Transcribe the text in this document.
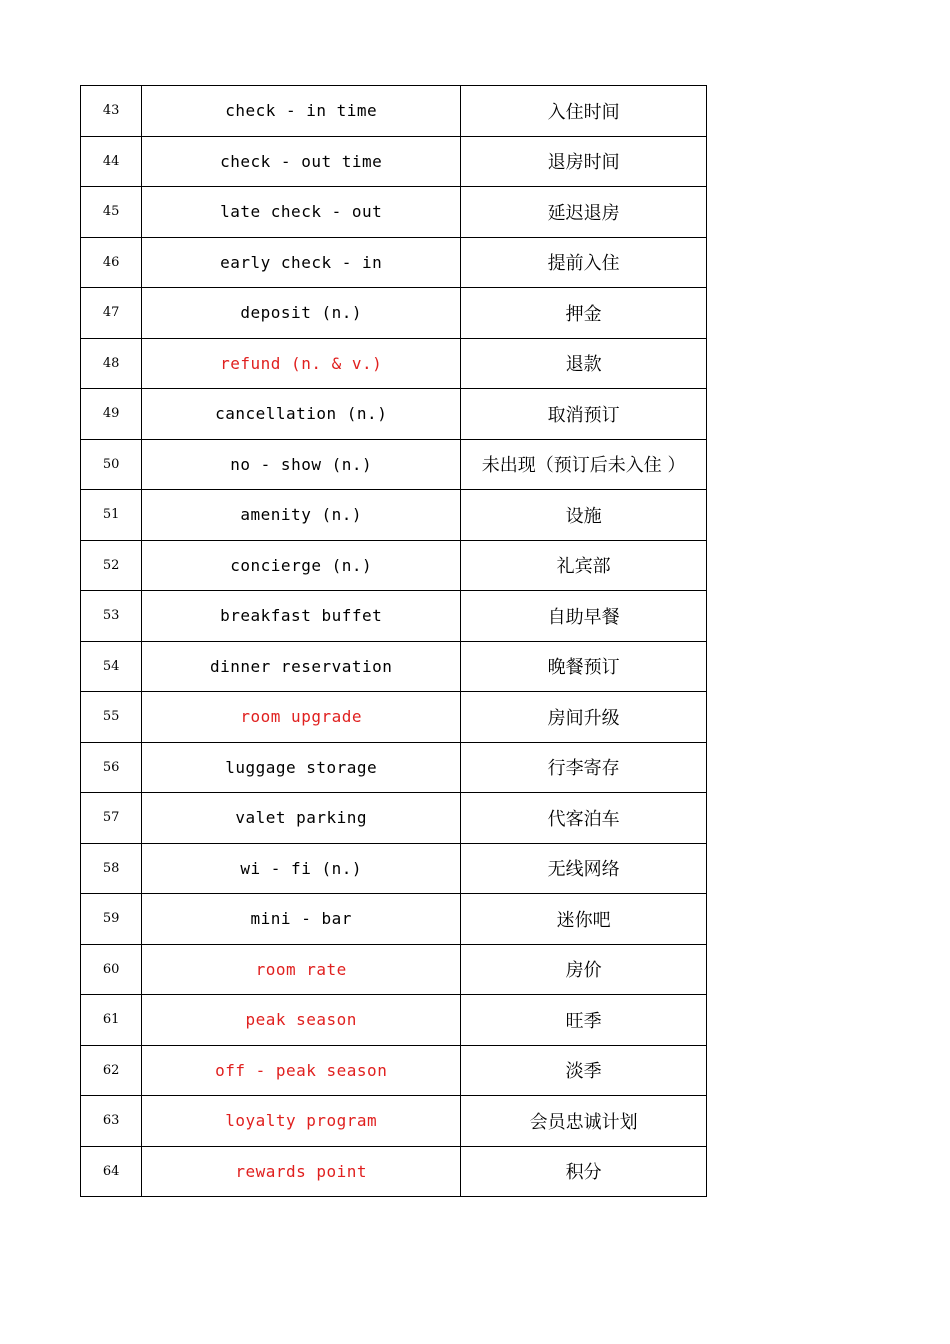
43	check - in time	入住时间
44	check - out time	退房时间
45	late check - out	延迟退房
46	early check - in	提前入住
47	deposit (n.)	押金
48	refund (n. & v.)	退款
49	cancellation (n.)	取消预订
50	no - show (n.)	未出现（预订后未入住 ）
51	amenity (n.)	设施
52	concierge (n.)	礼宾部
53	breakfast buffet	自助早餐
54	dinner reservation	晚餐预订
55	room upgrade	房间升级
56	luggage storage	行李寄存
57	valet parking	代客泊车
58	wi - fi (n.)	无线网络
59	mini - bar	迷你吧
60	room rate	房价
61	peak season	旺季
62	off - peak season	淡季
63	loyalty program	会员忠诚计划
64	rewards point	积分
